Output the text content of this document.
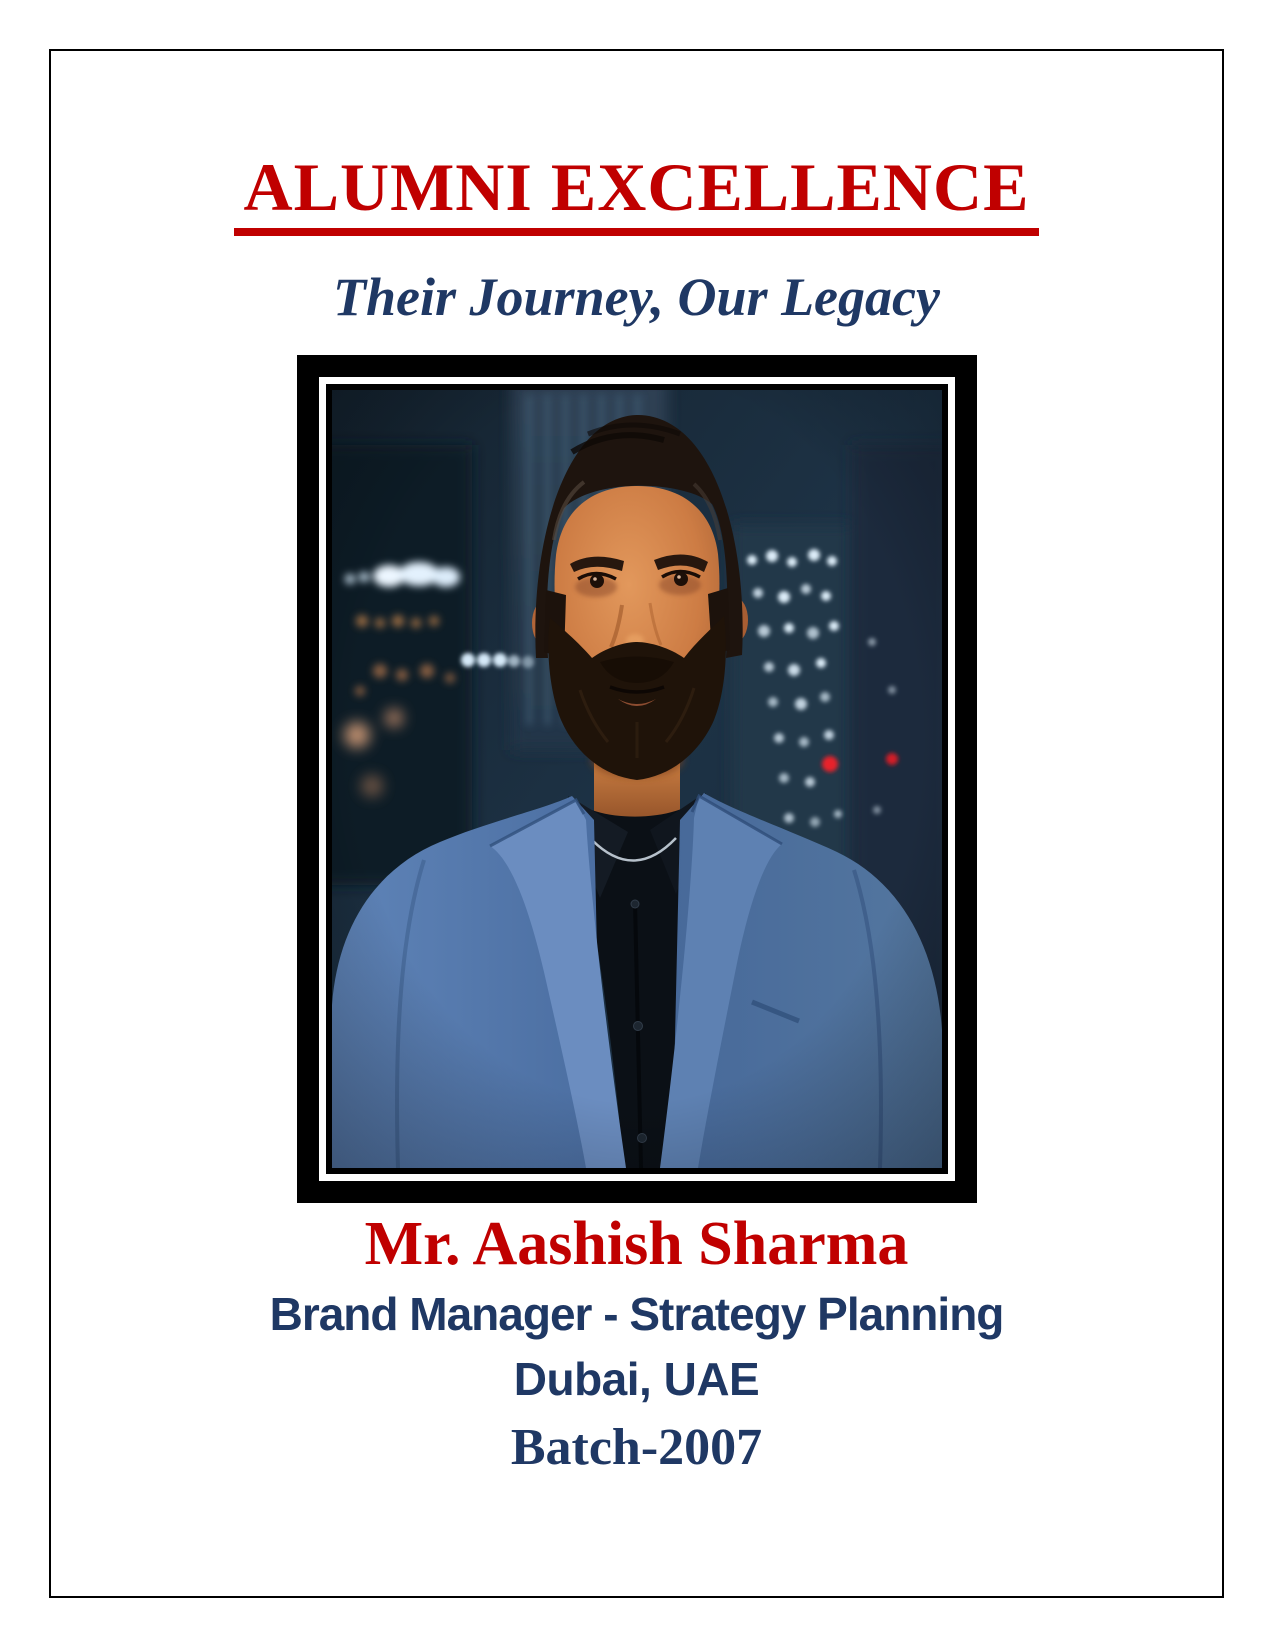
ALUMNI EXCELLENCE
Their Journey, Our Legacy
Mr. Aashish Sharma
Brand Manager - Strategy Planning
Dubai, UAE
Batch-2007
